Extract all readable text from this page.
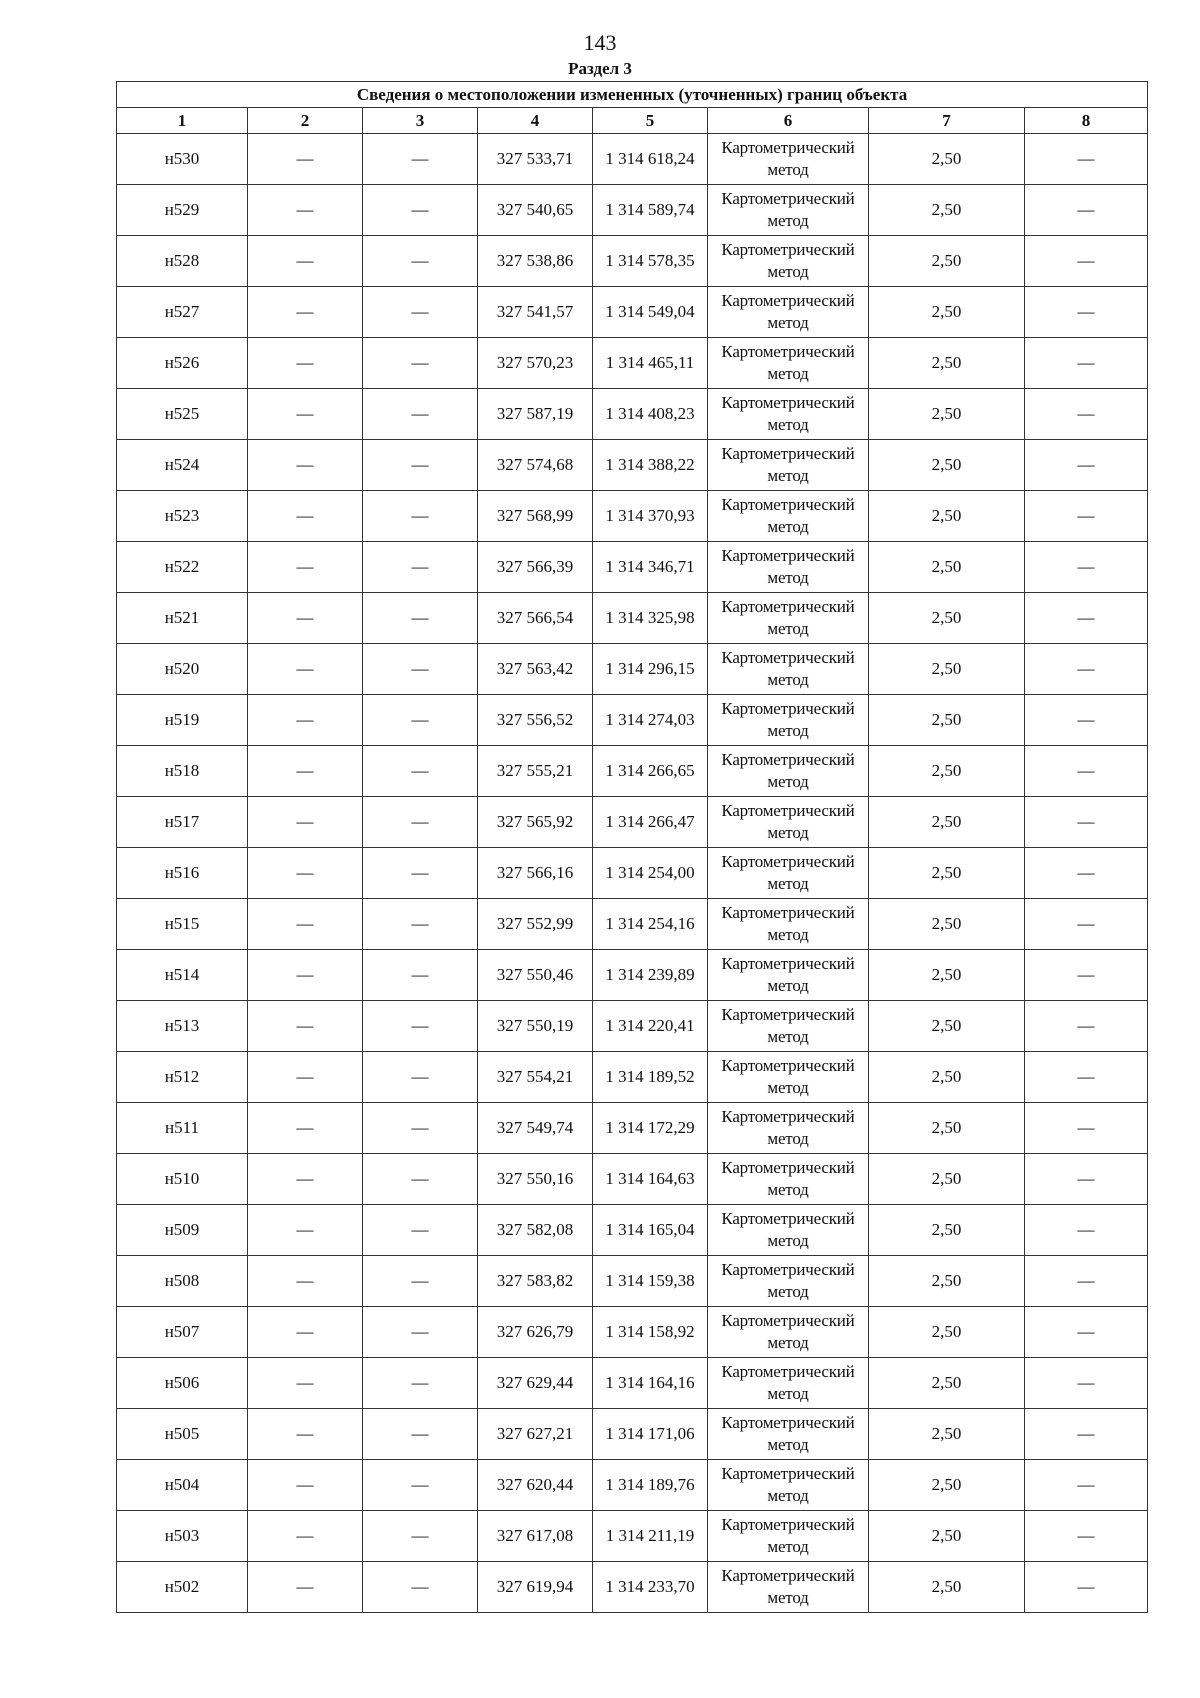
143
Раздел 3
Сведения о местоположении измененных (уточненных) границ объекта							
1	2	3	4	5	6	7	8
н530	—	—	327 533,71	1 314 618,24	Картометрический метод	2,50	—
н529	—	—	327 540,65	1 314 589,74	Картометрический метод	2,50	—
н528	—	—	327 538,86	1 314 578,35	Картометрический метод	2,50	—
н527	—	—	327 541,57	1 314 549,04	Картометрический метод	2,50	—
н526	—	—	327 570,23	1 314 465,11	Картометрический метод	2,50	—
н525	—	—	327 587,19	1 314 408,23	Картометрический метод	2,50	—
н524	—	—	327 574,68	1 314 388,22	Картометрический метод	2,50	—
н523	—	—	327 568,99	1 314 370,93	Картометрический метод	2,50	—
н522	—	—	327 566,39	1 314 346,71	Картометрический метод	2,50	—
н521	—	—	327 566,54	1 314 325,98	Картометрический метод	2,50	—
н520	—	—	327 563,42	1 314 296,15	Картометрический метод	2,50	—
н519	—	—	327 556,52	1 314 274,03	Картометрический метод	2,50	—
н518	—	—	327 555,21	1 314 266,65	Картометрический метод	2,50	—
н517	—	—	327 565,92	1 314 266,47	Картометрический метод	2,50	—
н516	—	—	327 566,16	1 314 254,00	Картометрический метод	2,50	—
н515	—	—	327 552,99	1 314 254,16	Картометрический метод	2,50	—
н514	—	—	327 550,46	1 314 239,89	Картометрический метод	2,50	—
н513	—	—	327 550,19	1 314 220,41	Картометрический метод	2,50	—
н512	—	—	327 554,21	1 314 189,52	Картометрический метод	2,50	—
н511	—	—	327 549,74	1 314 172,29	Картометрический метод	2,50	—
н510	—	—	327 550,16	1 314 164,63	Картометрический метод	2,50	—
н509	—	—	327 582,08	1 314 165,04	Картометрический метод	2,50	—
н508	—	—	327 583,82	1 314 159,38	Картометрический метод	2,50	—
н507	—	—	327 626,79	1 314 158,92	Картометрический метод	2,50	—
н506	—	—	327 629,44	1 314 164,16	Картометрический метод	2,50	—
н505	—	—	327 627,21	1 314 171,06	Картометрический метод	2,50	—
н504	—	—	327 620,44	1 314 189,76	Картометрический метод	2,50	—
н503	—	—	327 617,08	1 314 211,19	Картометрический метод	2,50	—
н502	—	—	327 619,94	1 314 233,70	Картометрический метод	2,50	—
